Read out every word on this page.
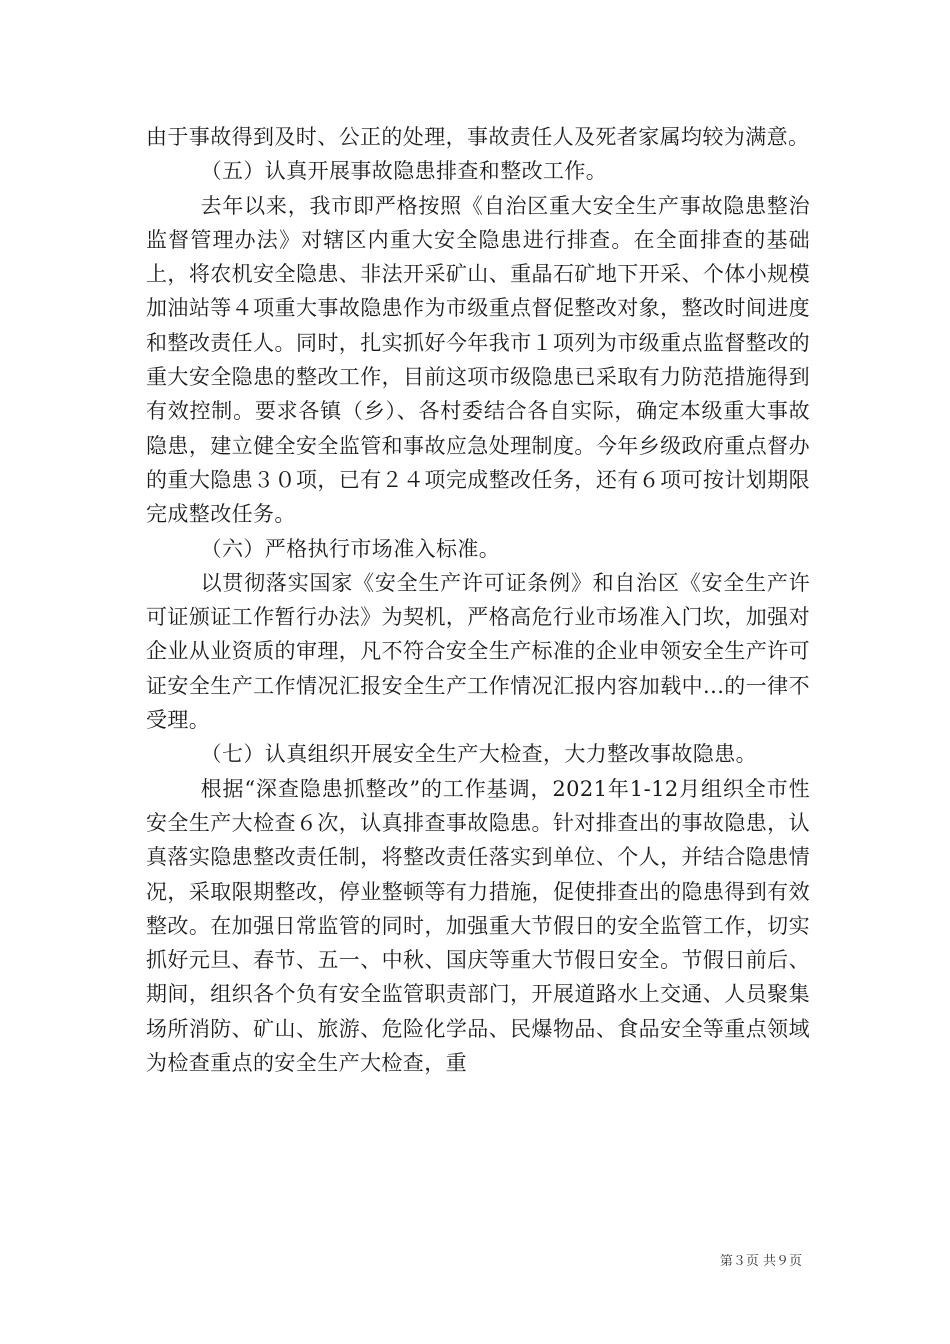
由于事故得到及时、公正的处理，事故责任人及死者家属均较为满意。

（五）认真开展事故隐患排查和整改工作。

去年以来，我市即严格按照《自治区重大安全生产事故隐患整治监督管理办法》对辖区内重大安全隐患进行排查。在全面排查的基础上，将农机安全隐患、非法开采矿山、重晶石矿地下开采、个体小规模加油站等４项重大事故隐患作为市级重点督促整改对象，整改时间进度和整改责任人。同时，扎实抓好今年我市１项列为市级重点监督整改的重大安全隐患的整改工作，目前这项市级隐患已采取有力防范措施得到有效控制。要求各镇（乡）、各村委结合各自实际，确定本级重大事故隐患，建立健全安全监管和事故应急处理制度。今年乡级政府重点督办的重大隐患３０项，已有２４项完成整改任务，还有６项可按计划期限完成整改任务。

（六）严格执行市场准入标准。

以贯彻落实国家《安全生产许可证条例》和自治区《安全生产许可证颁证工作暂行办法》为契机，严格高危行业市场准入门坎，加强对企业从业资质的审理，凡不符合安全生产标准的企业申领安全生产许可证安全生产工作情况汇报安全生产工作情况汇报内容加载中...的一律不受理。

（七）认真组织开展安全生产大检查，大力整改事故隐患。

根据“深查隐患抓整改”的工作基调，2021年1-12月组织全市性安全生产大检查６次，认真排查事故隐患。针对排查出的事故隐患，认真落实隐患整改责任制，将整改责任落实到单位、个人，并结合隐患情况，采取限期整改，停业整顿等有力措施，促使排查出的隐患得到有效整改。在加强日常监管的同时，加强重大节假日的安全监管工作，切实抓好元旦、春节、五一、中秋、国庆等重大节假日安全。节假日前后、期间，组织各个负有安全监管职责部门，开展道路水上交通、人员聚集场所消防、矿山、旅游、危险化学品、民爆物品、食品安全等重点领域为检查重点的安全生产大检查，重

第３页 共９页
